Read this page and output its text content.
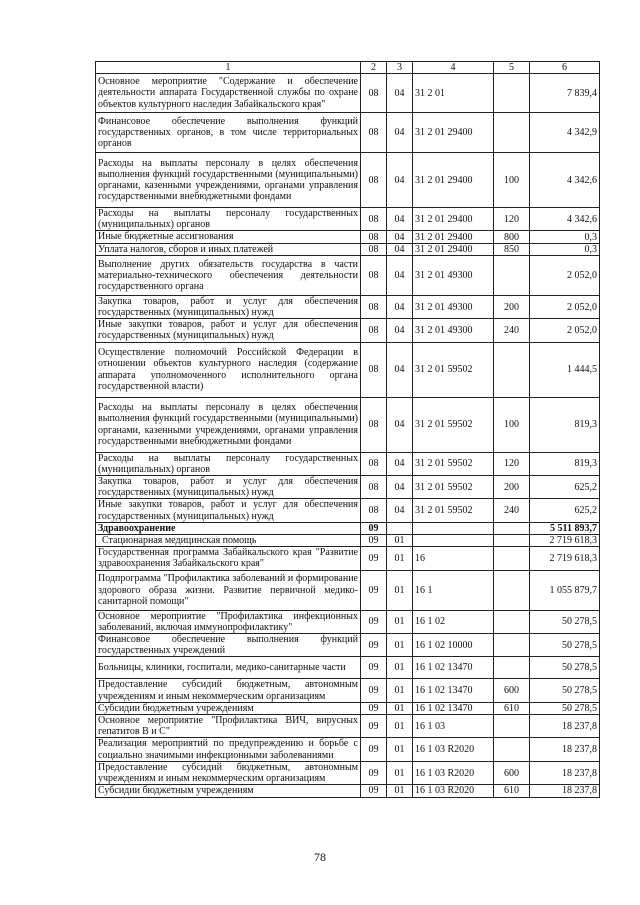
1	2	3	4	5	6
Основное мероприятие "Содержание и обеспечение деятельности аппарата Государственной службы по охране объектов культурного наследия Забайкальского края"	08	04	31 2 01		7 839,4
Финансовое обеспечение выполнения функций государственных органов, в том числе территориальных органов	08	04	31 2 01 29400		4 342,9
Расходы на выплаты персоналу в целях обеспечения выполнения функций государственными (муниципальными) органами, казенными учреждениями, органами управления государственными внебюджетными фондами	08	04	31 2 01 29400	100	4 342,6
Расходы на выплаты персоналу государственных (муниципальных) органов	08	04	31 2 01 29400	120	4 342,6
Иные бюджетные ассигнования	08	04	31 2 01 29400	800	0,3
Уплата налогов, сборов и иных платежей	08	04	31 2 01 29400	850	0,3
Выполнение других обязательств государства в части материально-технического обеспечения деятельности государственного органа	08	04	31 2 01 49300		2 052,0
Закупка товаров, работ и услуг для обеспечения государственных (муниципальных) нужд	08	04	31 2 01 49300	200	2 052,0
Иные закупки товаров, работ и услуг для обеспечения государственных (муниципальных) нужд	08	04	31 2 01 49300	240	2 052,0
Осуществление полномочий Российской Федерации в отношении объектов культурного наследия (содержание аппарата уполномоченного исполнительного органа государственной власти)	08	04	31 2 01 59502		1 444,5
Расходы на выплаты персоналу в целях обеспечения выполнения функций государственными (муниципальными) органами, казенными учреждениями, органами управления государственными внебюджетными фондами	08	04	31 2 01 59502	100	819,3
Расходы на выплаты персоналу государственных (муниципальных) органов	08	04	31 2 01 59502	120	819,3
Закупка товаров, работ и услуг для обеспечения государственных (муниципальных) нужд	08	04	31 2 01 59502	200	625,2
Иные закупки товаров, работ и услуг для обеспечения государственных (муниципальных) нужд	08	04	31 2 01 59502	240	625,2
Здравоохранение	09				5 511 893,7
Стационарная медицинская помощь	09	01			2 719 618,3
Государственная программа Забайкальского края "Развитие здравоохранения Забайкальского края"	09	01	16		2 719 618,3
Подпрограмма "Профилактика заболеваний и формирование здорового образа жизни. Развитие первичной медико-санитарной помощи"	09	01	16 1		1 055 879,7
Основное мероприятие "Профилактика инфекционных заболеваний, включая иммунопрофилактику"	09	01	16 1 02		50 278,5
Финансовое обеспечение выполнения функций государственных учреждений	09	01	16 1 02 10000		50 278,5
Больницы, клиники, госпитали, медико-санитарные части	09	01	16 1 02 13470		50 278,5
Предоставление субсидий бюджетным, автономным учреждениям и иным некоммерческим организациям	09	01	16 1 02 13470	600	50 278,5
Субсидии бюджетным учреждениям	09	01	16 1 02 13470	610	50 278,5
Основное мероприятие "Профилактика ВИЧ, вирусных гепатитов В и С"	09	01	16 1 03		18 237,8
Реализация мероприятий по предупреждению и борьбе с социально значимыми инфекционными заболеваниями	09	01	16 1 03 R2020		18 237,8
Предоставление субсидий бюджетным, автономным учреждениям и иным некоммерческим организациям	09	01	16 1 03 R2020	600	18 237,8
Субсидии бюджетным учреждениям	09	01	16 1 03 R2020	610	18 237,8
78
